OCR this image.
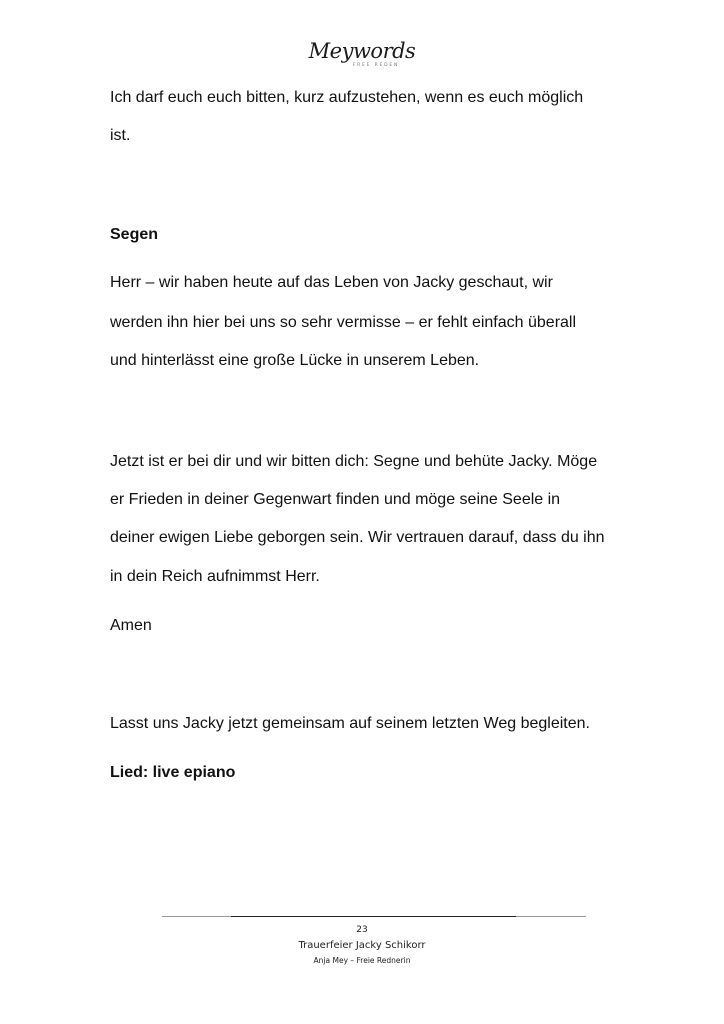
Meywords
FREE REDEN
Ich darf euch euch bitten, kurz aufzustehen, wenn es euch möglich
ist.
Segen
Herr – wir haben heute auf das Leben von Jacky geschaut, wir
werden ihn hier bei uns so sehr vermisse – er fehlt einfach überall
und hinterlässt eine große Lücke in unserem Leben.
Jetzt ist er bei dir und wir bitten dich: Segne und behüte Jacky. Möge
er Frieden in deiner Gegenwart finden und möge seine Seele in
deiner ewigen Liebe geborgen sein. Wir vertrauen darauf, dass du ihn
in dein Reich aufnimmst Herr.
Amen
Lasst uns Jacky jetzt gemeinsam auf seinem letzten Weg begleiten.
Lied: live epiano
23
Trauerfeier Jacky Schikorr
Anja Mey – Freie Rednerin
